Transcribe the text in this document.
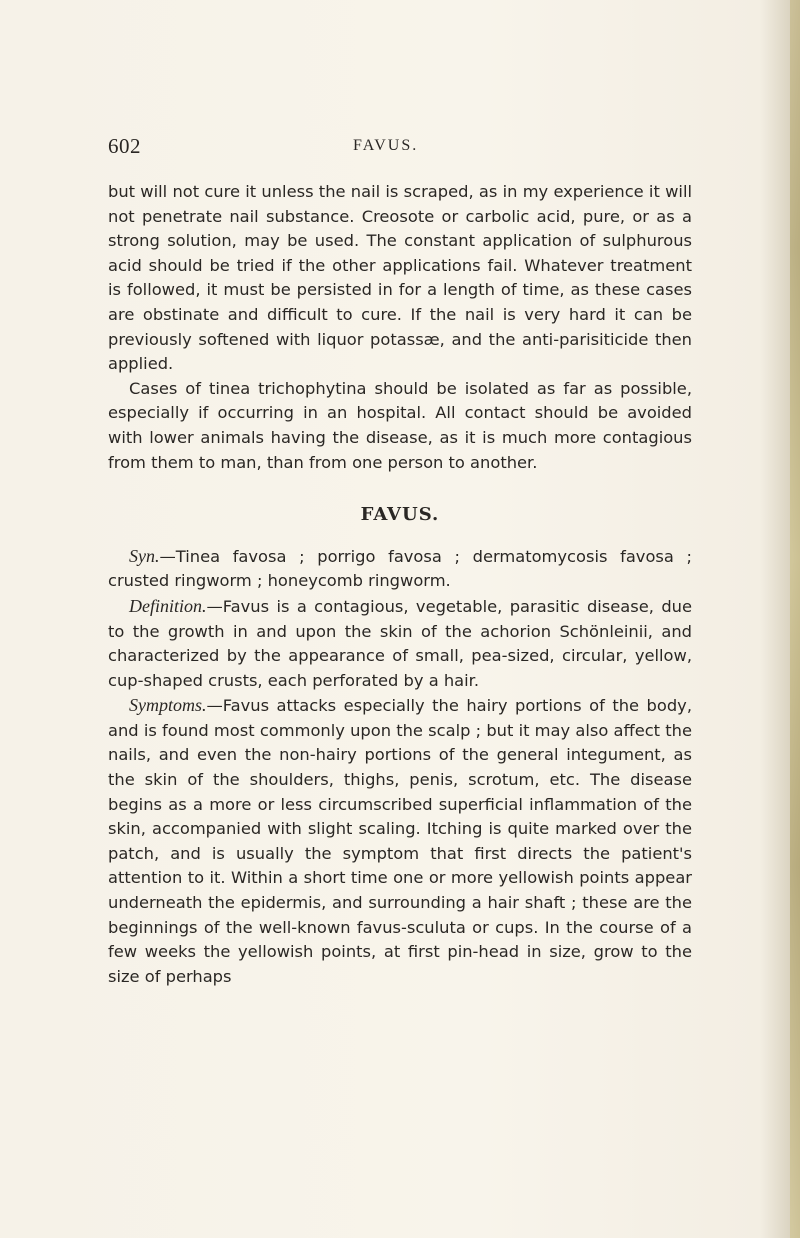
602	FAVUS.

but will not cure it unless the nail is scraped, as in my experience it will not penetrate nail substance. Creosote or carbolic acid, pure, or as a strong solution, may be used. The constant application of sulphurous acid should be tried if the other applications fail. Whatever treatment is followed, it must be persisted in for a length of time, as these cases are obstinate and difficult to cure. If the nail is very hard it can be previously softened with liquor potassæ, and the anti-parisiticide then applied.

Cases of tinea trichophytina should be isolated as far as possible, especially if occurring in an hospital. All contact should be avoided with lower animals having the disease, as it is much more contagious from them to man, than from one person to another.

FAVUS.

Syn.—Tinea favosa ; porrigo favosa ; dermatomycosis favosa ; crusted ringworm ; honeycomb ringworm.

Definition.—Favus is a contagious, vegetable, parasitic disease, due to the growth in and upon the skin of the achorion Schönleinii, and characterized by the appearance of small, pea-sized, circular, yellow, cup-shaped crusts, each perforated by a hair.

Symptoms.—Favus attacks especially the hairy portions of the body, and is found most commonly upon the scalp ; but it may also affect the nails, and even the non-hairy portions of the general integument, as the skin of the shoulders, thighs, penis, scrotum, etc. The disease begins as a more or less circumscribed superficial inflammation of the skin, accompanied with slight scaling. Itching is quite marked over the patch, and is usually the symptom that first directs the patient's attention to it. Within a short time one or more yellowish points appear underneath the epidermis, and surrounding a hair shaft ; these are the beginnings of the well-known favus-sculuta or cups. In the course of a few weeks the yellowish points, at first pin-head in size, grow to the size of perhaps
